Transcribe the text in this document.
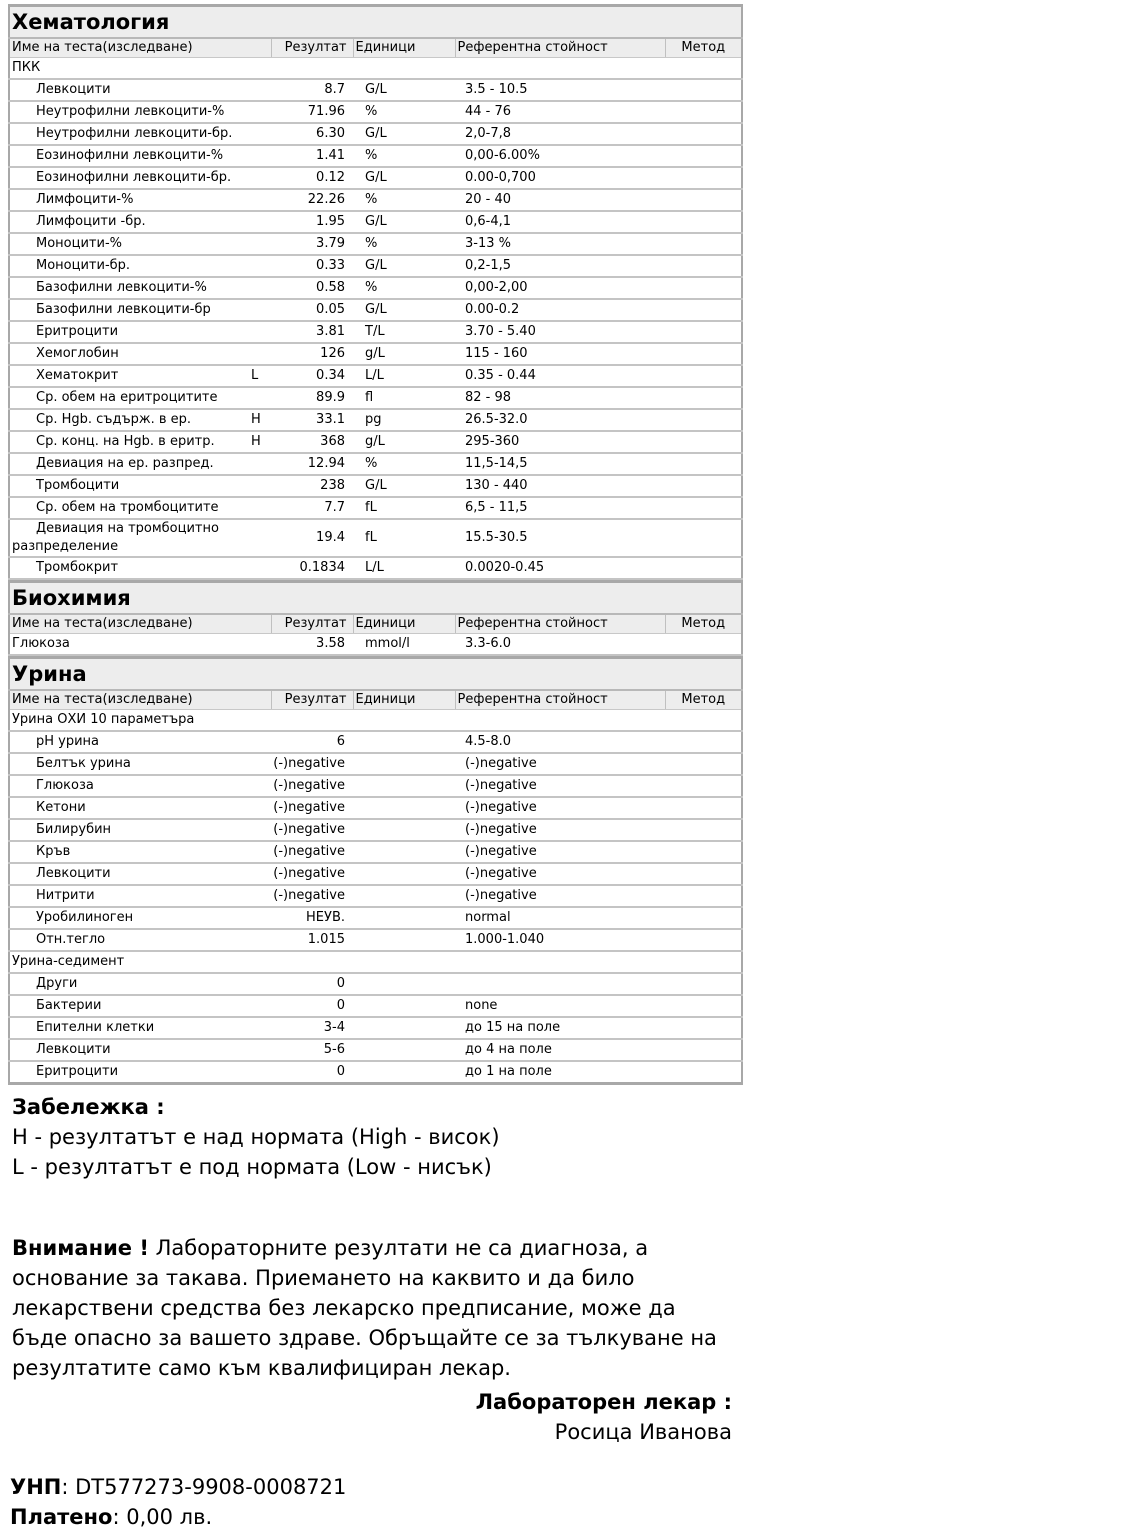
Хематология					
Име на теста(изследване)		Резултат	Единици	Референтна стойност	Метод
ПКК					
Левкоцити		8.7	G/L	3.5 - 10.5	
Неутрофилни левкоцити-%		71.96	%	44 - 76	
Неутрофилни левкоцити-бр.		6.30	G/L	2,0-7,8	
Еозинофилни левкоцити-%		1.41	%	0,00-6.00%	
Еозинофилни левкоцити-бр.		0.12	G/L	0.00-0,700	
Лимфоцити-%		22.26	%	20 - 40	
Лимфоцити -бр.		1.95	G/L	0,6-4,1	
Моноцити-%		3.79	%	3-13 %	
Моноцити-бр.		0.33	G/L	0,2-1,5	
Базофилни левкоцити-%		0.58	%	0,00-2,00	
Базофилни левкоцити-бр		0.05	G/L	0.00-0.2	
Еритроцити		3.81	T/L	3.70 - 5.40	
Хемоглобин		126	g/L	115 - 160	
Хематокрит	L	0.34	L/L	0.35 - 0.44	
Ср. обем на еритроцитите		89.9	fl	82 - 98	
Ср. Hgb. съдърж. в ер.	H	33.1	pg	26.5-32.0	
Ср. конц. на Hgb. в еритр.	H	368	g/L	295-360	
Девиация на ер. разпред.		12.94	%	11,5-14,5	
Тромбоцити		238	G/L	130 - 440	
Ср. обем на тромбоцитите		7.7	fL	6,5 - 11,5	
Девиация на тромбоцитно разпределение		19.4	fL	15.5-30.5	
Тромбокрит		0.1834	L/L	0.0020-0.45	
Биохимия					
Име на теста(изследване)		Резултат	Единици	Референтна стойност	Метод
Глюкоза		3.58	mmol/l	3.3-6.0	
Урина					
Име на теста(изследване)		Резултат	Единици	Референтна стойност	Метод
Урина ОХИ 10 параметъра					
pH урина		6		4.5-8.0	
Белтък урина		(-)negative		(-)negative	
Глюкоза		(-)negative		(-)negative	
Кетони		(-)negative		(-)negative	
Билирубин		(-)negative		(-)negative	
Кръв		(-)negative		(-)negative	
Левкоцити		(-)negative		(-)negative	
Нитрити		(-)negative		(-)negative	
Уробилиноген		НЕУВ.		normal	
Отн.тегло		1.015		1.000-1.040	
Урина-седимент					
Други		0			
Бактерии		0		none	
Епителни клетки		3-4		до 15 на поле	
Левкоцити		5-6		до 4 на поле	
Еритроцити		0		до 1 на поле	
Забележка :
H - резултатът е над нормата (High - висок)
L - резултатът е под нормата (Low - нисък)
Внимание ! Лабораторните резултати не са диагноза, а основание за такава. Приемането на каквито и да било лекарствени средства без лекарско предписание, може да бъде опасно за вашето здраве. Обръщайте се за тълкуване на резултатите само към квалифициран лекар.
Лабораторен лекар :
Росица Иванова
УНП: DT577273-9908-0008721
Платено: 0,00 лв.
